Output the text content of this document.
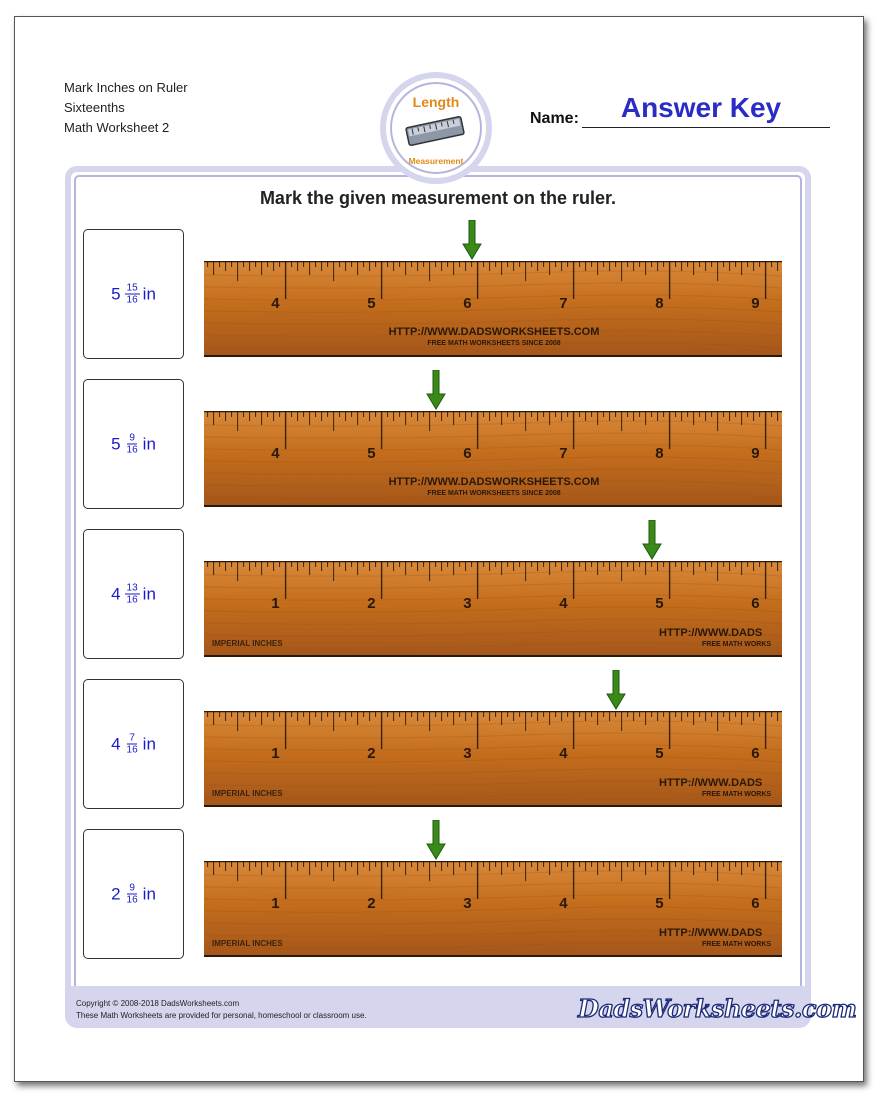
Mark Inches on Ruler
Sixteenths
Math Worksheet 2
Length
Measurement
Name:	Answer Key
Mark the given measurement on the ruler.
$5 \frac{15}{16}$ in
4	5	6	7	8	9
HTTP://WWW.DADSWORKSHEETS.COM
FREE MATH WORKSHEETS SINCE 2008
$5 \frac{9}{16}$ in
4	5	6	7	8	9
HTTP://WWW.DADSWORKSHEETS.COM
FREE MATH WORKSHEETS SINCE 2008
$4 \frac{13}{16}$ in
1	2	3	4	5	6
IMPERIAL INCHES
HTTP://WWW.DADS
FREE MATH WORKS
$4 \frac{7}{16}$ in
1	2	3	4	5	6
IMPERIAL INCHES
HTTP://WWW.DADS
FREE MATH WORKS
$2 \frac{9}{16}$ in
1	2	3	4	5	6
IMPERIAL INCHES
HTTP://WWW.DADS
FREE MATH WORKS
Copyright © 2008-2018 DadsWorksheets.com
These Math Worksheets are provided for personal, homeschool or classroom use.	DadsWorksheets.com
